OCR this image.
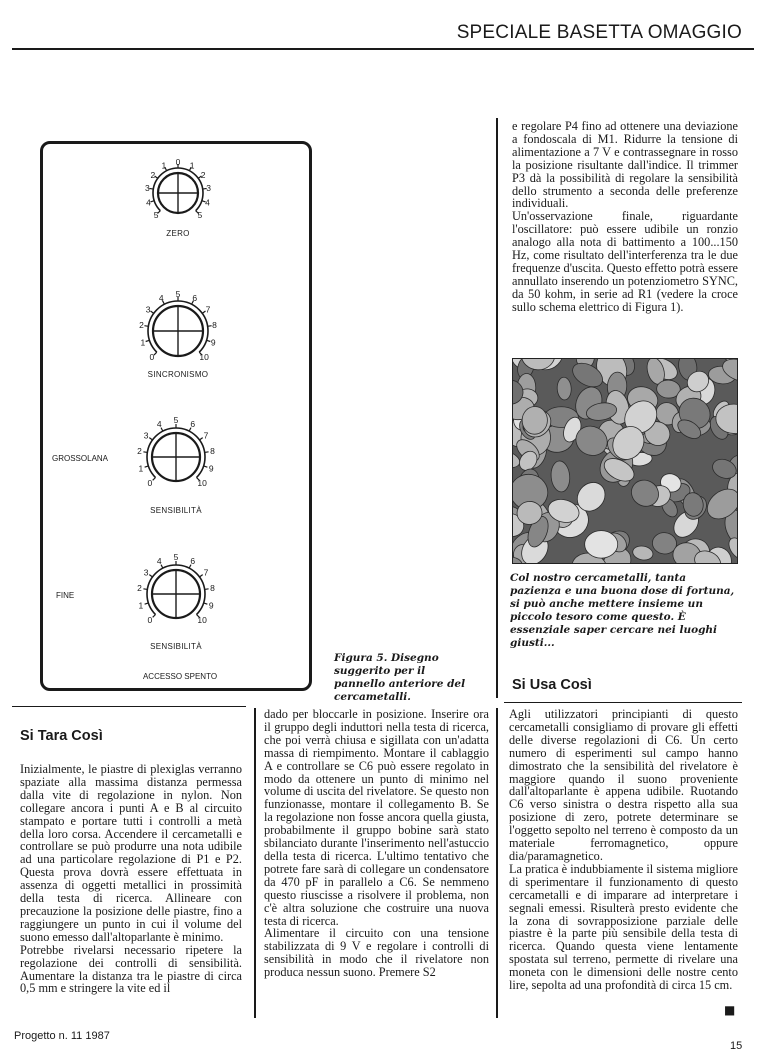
SPECIALE BASETTA OMAGGIO
5
4
3
2
1 0 1
2
3
4
5
ZERO
0
1
2
3
4 5 6
7
8
9
10
SINCRONISMO
0
1
2
3
4 5 6
7
8
9
10
SENSIBILITÀ
GROSSOLANA
0
1
2
3
4 5 6
7
8
9
10
SENSIBILITÀ
FINE
ACCESSO SPENTO
Figura 5. Disegno suggerito per il pannello anteriore del cercametalli.

e regolare P4 fino ad ottenere una deviazione a fondoscala di M1. Ridurre la tensione di alimentazione a 7 V e contrassegnare in rosso la posizione risultante dall'indice. Il trimmer P3 dà la possibilità di regolare la sensibilità dello strumento a seconda delle preferenze individuali.

Un'osservazione finale, riguardante l'oscillatore: può essere udibile un ronzio analogo alla nota di battimento a 100...150 Hz, come risultato dell'interferenza tra le due frequenze d'uscita. Questo effetto potrà essere annullato inserendo un potenziometro SYNC, da 50 kohm, in serie ad R1 (vedere la croce sullo schema elettrico di Figura 1).

Col nostro cercametalli, tanta pazienza e una buona dose di fortuna, si può anche mettere insieme un piccolo tesoro come questo. È essenziale saper cercare nei luoghi giusti...
Si Usa Così

Agli utilizzatori principianti di questo cercametalli consigliamo di provare gli effetti delle diverse regolazioni di C6. Un certo numero di esperimenti sul campo hanno dimostrato che la sensibilità del rivelatore è maggiore quando il suono proveniente dall'altoparlante è appena udibile. Ruotando C6 verso sinistra o destra rispetto alla sua posizione di zero, potrete determinare se l'oggetto sepolto nel terreno è composto da un materiale ferromagnetico, oppure dia/paramagnetico.

La pratica è indubbiamente il sistema migliore di sperimentare il funzionamento di questo cercametalli e di imparare ad interpretare i segnali emessi. Risulterà presto evidente che la zona di sovrapposizione parziale delle piastre è la parte più sensibile della testa di ricerca. Quando questa viene lentamente spostata sul terreno, permette di rivelare una moneta con le dimensioni delle nostre cento lire, sepolta ad una profondità di circa 15 cm.

■
Si Tara Così

Inizialmente, le piastre di plexiglas verranno spaziate alla massima distanza permessa dalla vite di regolazione in nylon. Non collegare ancora i punti A e B al circuito stampato e portare tutti i controlli a metà della loro corsa. Accendere il cercametalli e controllare se può produrre una nota udibile ad una particolare regolazione di P1 e P2. Questa prova dovrà essere effettuata in assenza di oggetti metallici in prossimità della testa di ricerca. Allineare con precauzione la posizione delle piastre, fino a raggiungere un punto in cui il volume del suono emesso dall'altoparlante è minimo.

Potrebbe rivelarsi necessario ripetere la regolazione dei controlli di sensibilità. Aumentare la distanza tra le piastre di circa 0,5 mm e stringere la vite ed il

dado per bloccarle in posizione. Inserire ora il gruppo degli induttori nella testa di ricerca, che poi verrà chiusa e sigillata con un'adatta massa di riempimento. Montare il cablaggio A e controllare se C6 può essere regolato in modo da ottenere un punto di minimo nel volume di uscita del rivelatore. Se questo non funzionasse, montare il collegamento B. Se la regolazione non fosse ancora quella giusta, probabilmente il gruppo bobine sarà stato sbilanciato durante l'inserimento nell'astuccio della testa di ricerca. L'ultimo tentativo che potrete fare sarà di collegare un condensatore da 470 pF in parallelo a C6. Se nemmeno questo riuscisse a risolvere il problema, non c'è altra soluzione che costruire una nuova testa di ricerca.

Alimentare il circuito con una tensione stabilizzata di 9 V e regolare i controlli di sensibilità in modo che il rivelatore non produca nessun suono. Premere S2

Progetto n. 11 1987
15
